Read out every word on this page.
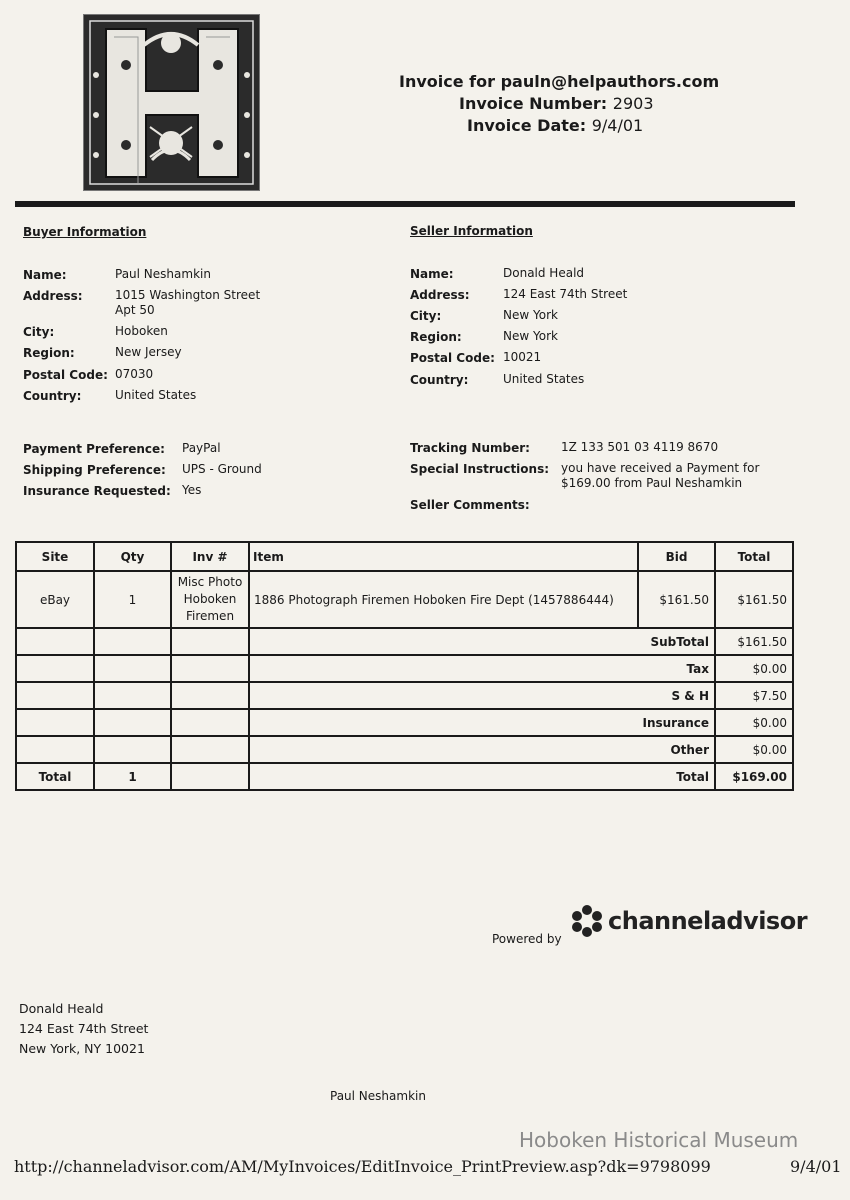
Invoice for pauln@helpauthors.com
Invoice Number: 2903
Invoice Date: 9/4/01
Buyer Information
Name:	Paul Neshamkin
Address:	1015 Washington Street
Apt 50
City:	Hoboken
Region:	New Jersey
Postal Code: 07030
Country:	United States
Seller Information
Name:	Donald Heald
Address:	124 East 74th Street
City:	New York
Region:	New York
Postal Code: 10021
Country:	United States
Payment Preference: PayPal
Shipping Preference: UPS - Ground
Insurance Requested: Yes
Tracking Number:	1Z 133 501 03 4119 8670
Special Instructions: you have received a Payment for
$169.00 from Paul Neshamkin
Seller Comments:
Site	Qty	Inv #	Item	Bid	Total
eBay	1	Misc Photo
Hoboken
Firemen	1886 Photograph Firemen Hoboken Fire Dept (1457886444)	$161.50	$161.50
			SubTotal		$161.50
			Tax		$0.00
			S & H		$7.50
			Insurance		$0.00
			Other		$0.00
Total	1		Total		$169.00
Powered by
channeladvisor
Donald Heald
124 East 74th Street
New York, NY 10021
Paul Neshamkin
Hoboken Historical Museum
http://channeladvisor.com/AM/MyInvoices/EditInvoice_PrintPreview.asp?dk=9798099	9/4/01
